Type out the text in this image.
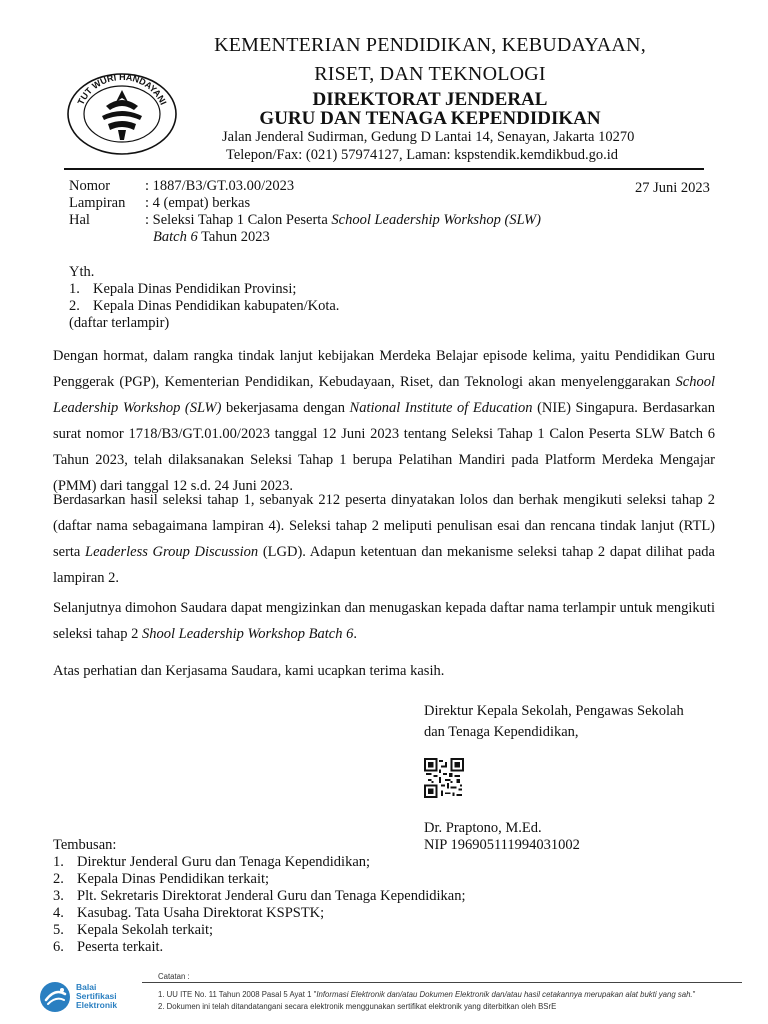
TUT WURI HANDAYANI
KEMENTERIAN PENDIDIKAN, KEBUDAYAAN,
RISET, DAN TEKNOLOGI
DIREKTORAT JENDERAL
GURU DAN TENAGA KEPENDIDIKAN
Jalan Jenderal Sudirman, Gedung D Lantai 14, Senayan, Jakarta 10270
Telepon/Fax: (021) 57974127, Laman: kspstendik.kemdikbud.go.id
Nomor : 1887/B3/GT.03.00/2023	27 Juni 2023
Lampiran : 4 (empat) berkas
Hal	: Seleksi Tahap 1 Calon Peserta School Leadership Workshop (SLW)
Batch 6 Tahun 2023
Yth.
1. Kepala Dinas Pendidikan Provinsi;
2. Kepala Dinas Pendidikan kabupaten/Kota.
(daftar terlampir)
Dengan hormat, dalam rangka tindak lanjut kebijakan Merdeka Belajar episode kelima, yaitu Pendidikan Guru Penggerak (PGP), Kementerian Pendidikan, Kebudayaan, Riset, dan Teknologi akan menyelenggarakan School Leadership Workshop (SLW) bekerjasama dengan National Institute of Education (NIE) Singapura. Berdasarkan surat nomor 1718/B3/GT.01.00/2023 tanggal 12 Juni 2023 tentang Seleksi Tahap 1 Calon Peserta SLW Batch 6 Tahun 2023, telah dilaksanakan Seleksi Tahap 1 berupa Pelatihan Mandiri pada Platform Merdeka Mengajar (PMM) dari tanggal 12 s.d. 24 Juni 2023.
Berdasarkan hasil seleksi tahap 1, sebanyak 212 peserta dinyatakan lolos dan berhak mengikuti seleksi tahap 2 (daftar nama sebagaimana lampiran 4). Seleksi tahap 2 meliputi penulisan esai dan rencana tindak lanjut (RTL) serta Leaderless Group Discussion (LGD). Adapun ketentuan dan mekanisme seleksi tahap 2 dapat dilihat pada lampiran 2.
Selanjutnya dimohon Saudara dapat mengizinkan dan menugaskan kepada daftar nama terlampir untuk mengikuti seleksi tahap 2 Shool Leadership Workshop Batch 6.
Atas perhatian dan Kerjasama Saudara, kami ucapkan terima kasih.
Direktur Kepala Sekolah, Pengawas Sekolah
dan Tenaga Kependidikan,
Dr. Praptono, M.Ed.
NIP 196905111994031002
Tembusan:
1. Direktur Jenderal Guru dan Tenaga Kependidikan;
2. Kepala Dinas Pendidikan terkait;
3. Plt. Sekretaris Direktorat Jenderal Guru dan Tenaga Kependidikan;
4. Kasubag. Tata Usaha Direktorat KSPSTK;
5. Kepala Sekolah terkait;
6. Peserta terkait.
Balai
Sertifikasi
Elektronik
Catatan :
1. UU ITE No. 11 Tahun 2008 Pasal 5 Ayat 1 "Informasi Elektronik dan/atau Dokumen Elektronik dan/atau hasil cetakannya merupakan alat bukti yang sah."
2. Dokumen ini telah ditandatangani secara elektronik menggunakan sertifikat elektronik yang diterbitkan oleh BSrE
